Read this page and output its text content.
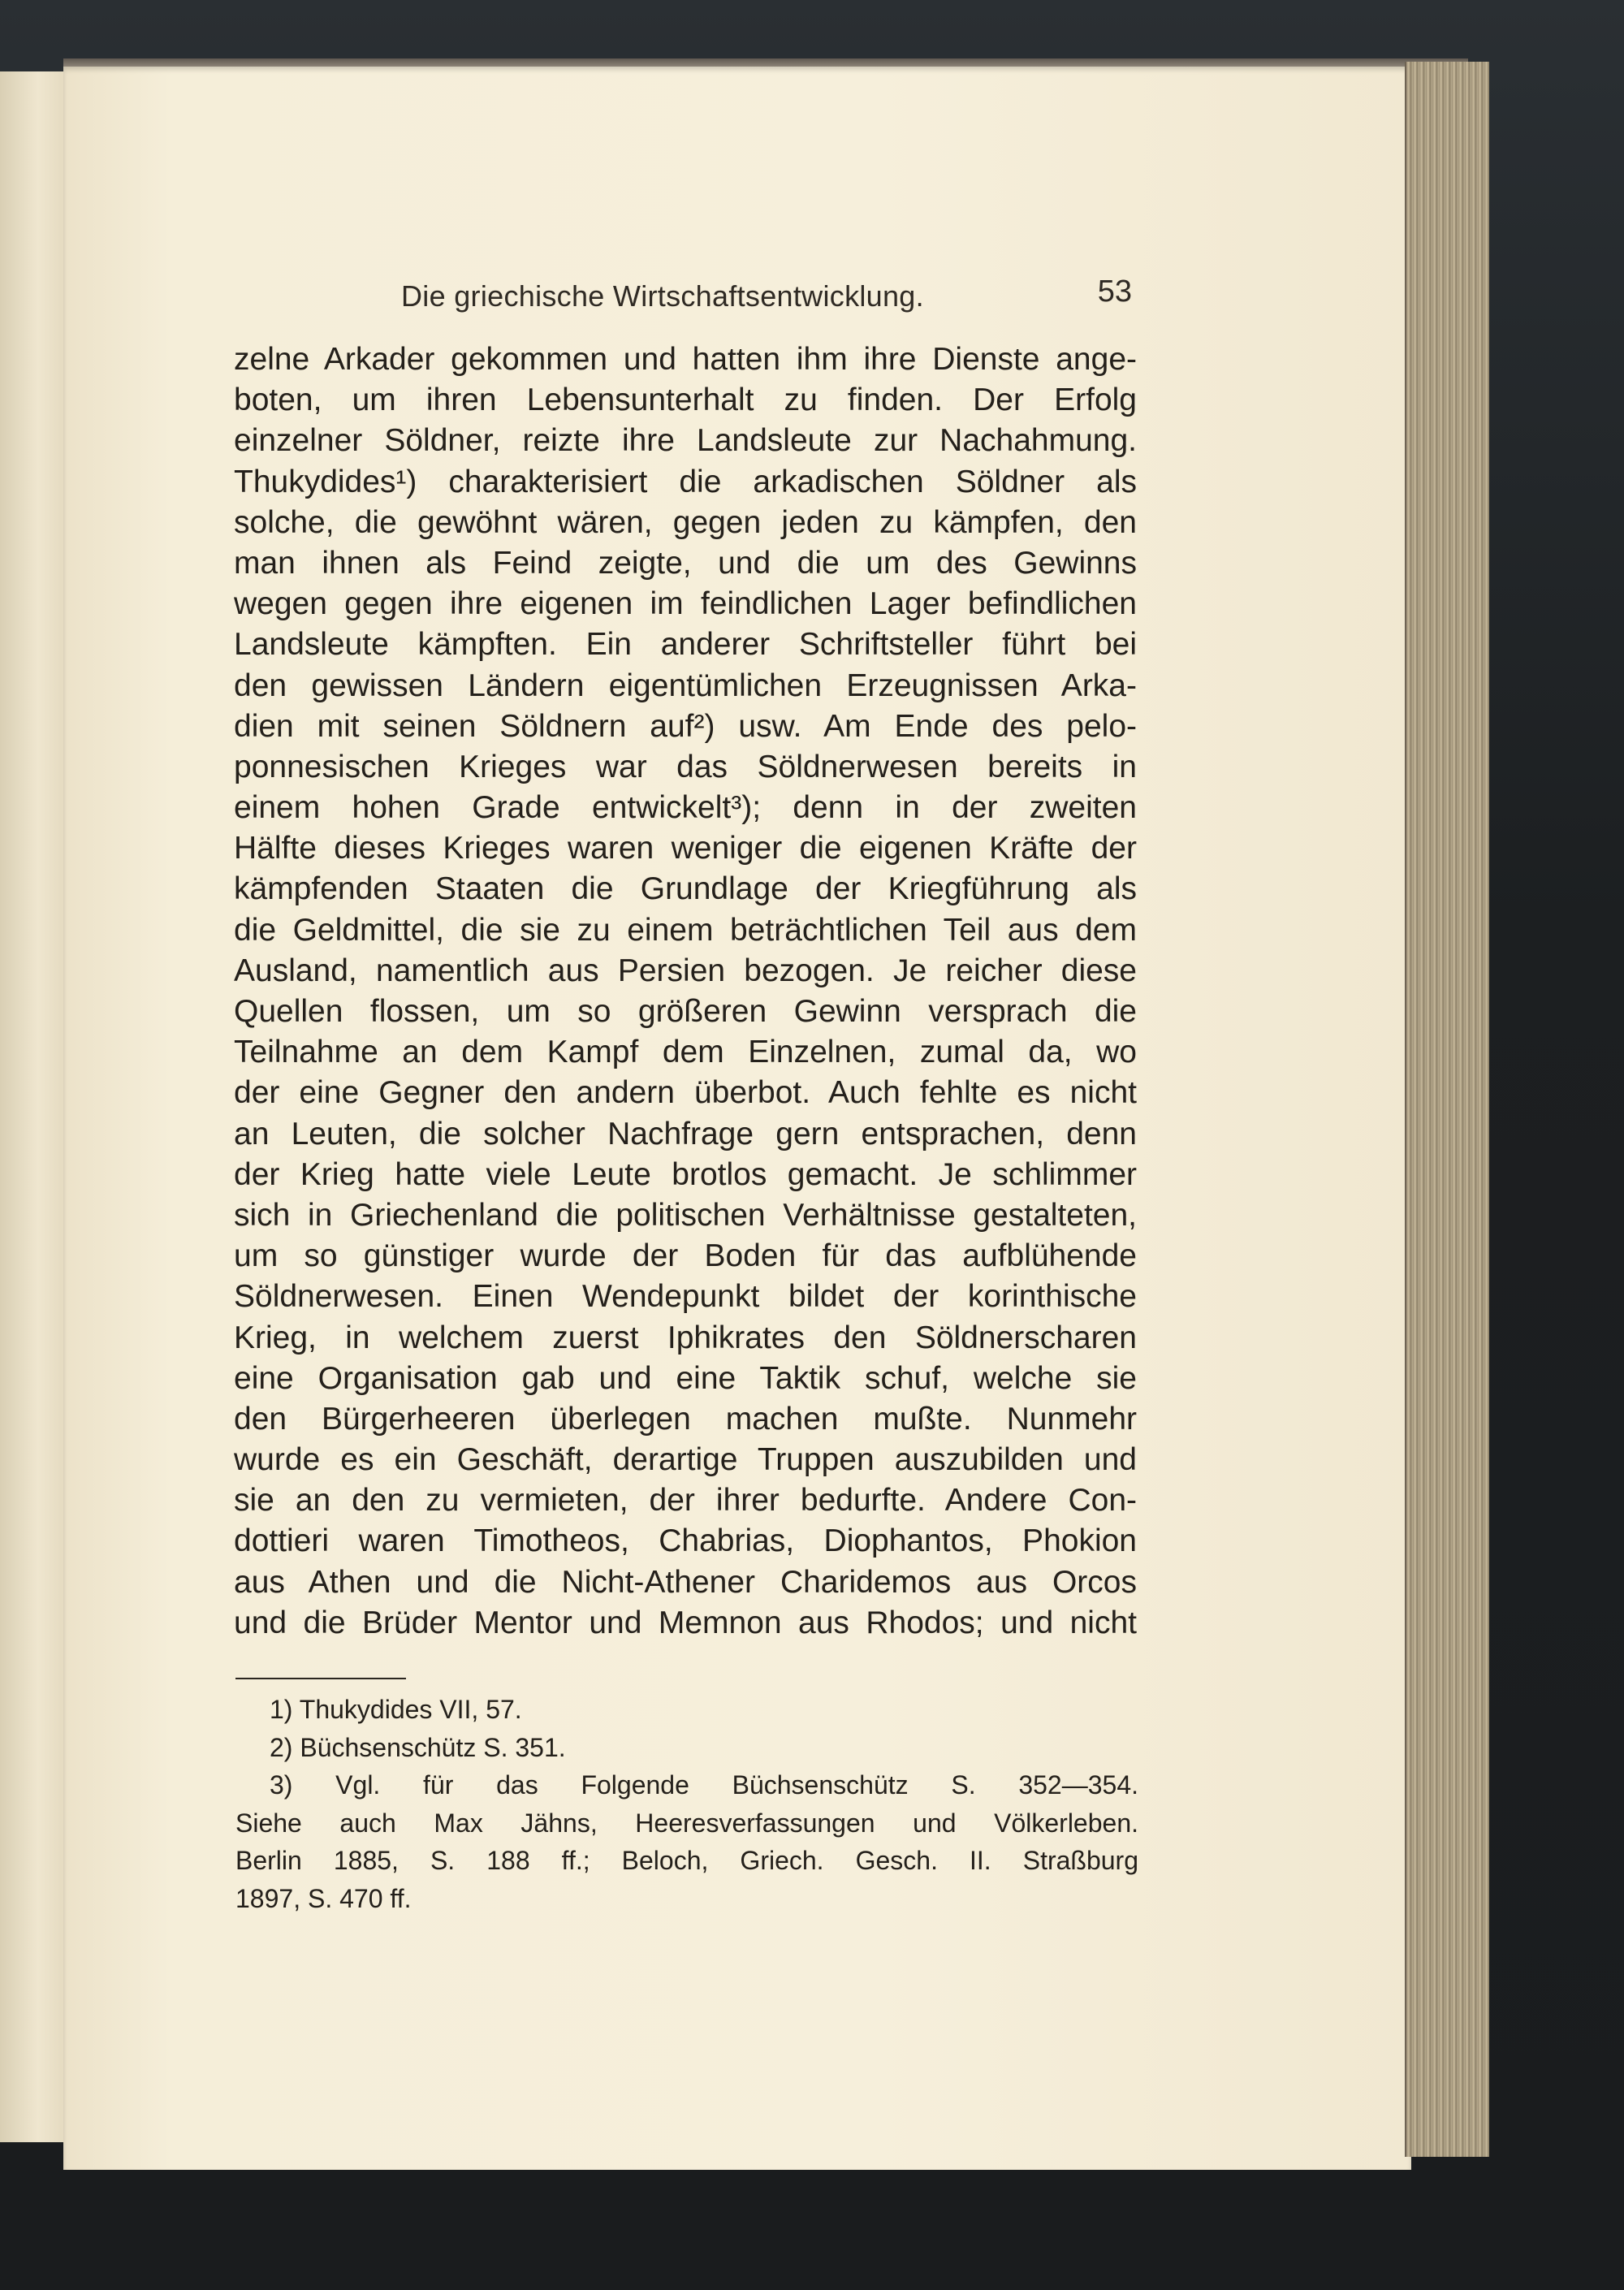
Die griechische Wirtschaftsentwicklung.	53
zelne Arkader gekommen und hatten ihm ihre Dienste ange-
boten, um ihren Lebensunterhalt zu finden. Der Erfolg
einzelner Söldner, reizte ihre Landsleute zur Nachahmung.
Thukydides¹) charakterisiert die arkadischen Söldner als
solche, die gewöhnt wären, gegen jeden zu kämpfen, den
man ihnen als Feind zeigte, und die um des Gewinns
wegen gegen ihre eigenen im feindlichen Lager befindlichen
Landsleute kämpften. Ein anderer Schriftsteller führt bei
den gewissen Ländern eigentümlichen Erzeugnissen Arka-
dien mit seinen Söldnern auf²) usw. Am Ende des pelo-
ponnesischen Krieges war das Söldnerwesen bereits in
einem hohen Grade entwickelt³); denn in der zweiten
Hälfte dieses Krieges waren weniger die eigenen Kräfte der
kämpfenden Staaten die Grundlage der Kriegführung als
die Geldmittel, die sie zu einem beträchtlichen Teil aus dem
Ausland, namentlich aus Persien bezogen. Je reicher diese
Quellen flossen, um so größeren Gewinn versprach die
Teilnahme an dem Kampf dem Einzelnen, zumal da, wo
der eine Gegner den andern überbot. Auch fehlte es nicht
an Leuten, die solcher Nachfrage gern entsprachen, denn
der Krieg hatte viele Leute brotlos gemacht. Je schlimmer
sich in Griechenland die politischen Verhältnisse gestalteten,
um so günstiger wurde der Boden für das aufblühende
Söldnerwesen. Einen Wendepunkt bildet der korinthische
Krieg, in welchem zuerst Iphikrates den Söldnerscharen
eine Organisation gab und eine Taktik schuf, welche sie
den Bürgerheeren überlegen machen mußte. Nunmehr
wurde es ein Geschäft, derartige Truppen auszubilden und
sie an den zu vermieten, der ihrer bedurfte. Andere Con-
dottieri waren Timotheos, Chabrias, Diophantos, Phokion
aus Athen und die Nicht-Athener Charidemos aus Orcos
und die Brüder Mentor und Memnon aus Rhodos; und nicht
1) Thukydides VII, 57.
2) Büchsenschütz S. 351.
3) Vgl. für das Folgende Büchsenschütz S. 352—354.
Siehe auch Max Jähns, Heeresverfassungen und Völkerleben.
Berlin 1885, S. 188 ff.; Beloch, Griech. Gesch. II. Straßburg
1897, S. 470 ff.
